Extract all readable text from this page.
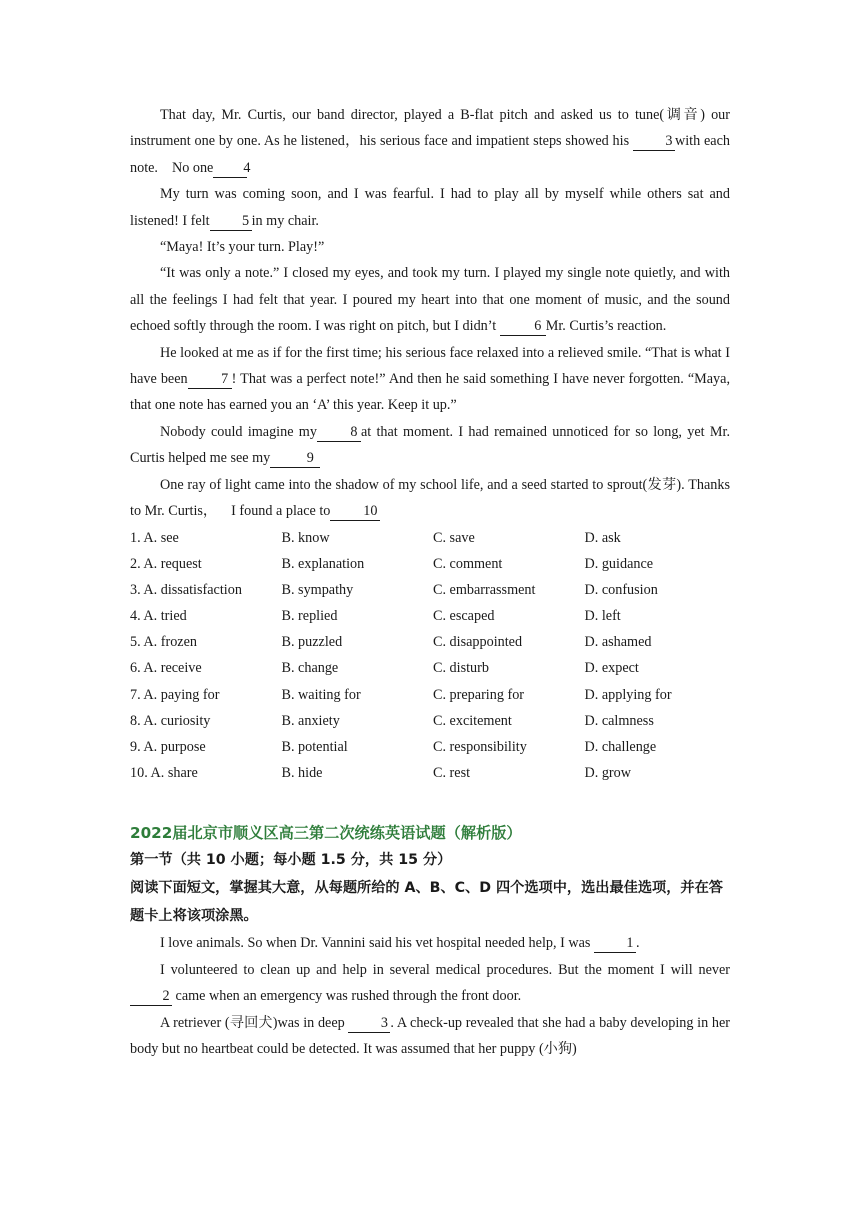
That day, Mr. Curtis, our band director, played a B-flat pitch and asked us to tune(调音) our instrument one by one. As he listened，his serious face and impatient steps showed his 3 with each note. No one 4

My turn was coming soon, and I was fearful. I had to play all by myself while others sat and listened! I felt 5 in my chair.

“Maya! It’s your turn. Play!”

“It was only a note.” I closed my eyes, and took my turn. I played my single note quietly, and with all the feelings I had felt that year. I poured my heart into that one moment of music, and the sound echoed softly through the room. I was right on pitch, but I didn’t 6 Mr. Curtis’s reaction.

He looked at me as if for the first time; his serious face relaxed into a relieved smile. “That is what I have been 7 ! That was a perfect note!” And then he said something I have never forgotten. “Maya, that one note has earned you an ‘A’ this year. Keep it up.”

Nobody could imagine my 8 at that moment. I had remained unnoticed for so long, yet Mr. Curtis helped me see my	9

One ray of light came into the shadow of my school life, and a seed started to sprout(发芽). Thanks to Mr. Curtis， I found a place to 10

1. A. see	B. know	C. save	D. ask
2. A. request	B. explanation	C. comment	D. guidance
3. A. dissatisfaction	B. sympathy	C. embarrassment	D. confusion
4. A. tried	B. replied	C. escaped	D. left
5. A. frozen	B. puzzled	C. disappointed	D. ashamed
6. A. receive	B. change	C. disturb	D. expect
7. A. paying for	B. waiting for	C. preparing for	D. applying for
8. A. curiosity	B. anxiety	C. excitement	D. calmness
9. A. purpose	B. potential	C. responsibility	D. challenge
10. A. share	B. hide	C. rest	D. grow
2022届北京市顺义区高三第二次统练英语试题（解析版）

第一节（共 10 小题；每小题 1.5 分，共 15 分）

阅读下面短文，掌握其大意，从每题所给的 A、B、C、D 四个选项中，选出最佳选项，并在答题卡上将该项涂黑。

I love animals. So when Dr. Vannini said his vet hospital needed help, I was 1 .

I volunteered to clean up and help in several medical procedures. But the moment I will never 2 came when an emergency was rushed through the front door.

A retriever (寻回犬)was in deep 3 . A check-up revealed that she had a baby developing in her body but no heartbeat could be detected. It was assumed that her puppy (小狗)
